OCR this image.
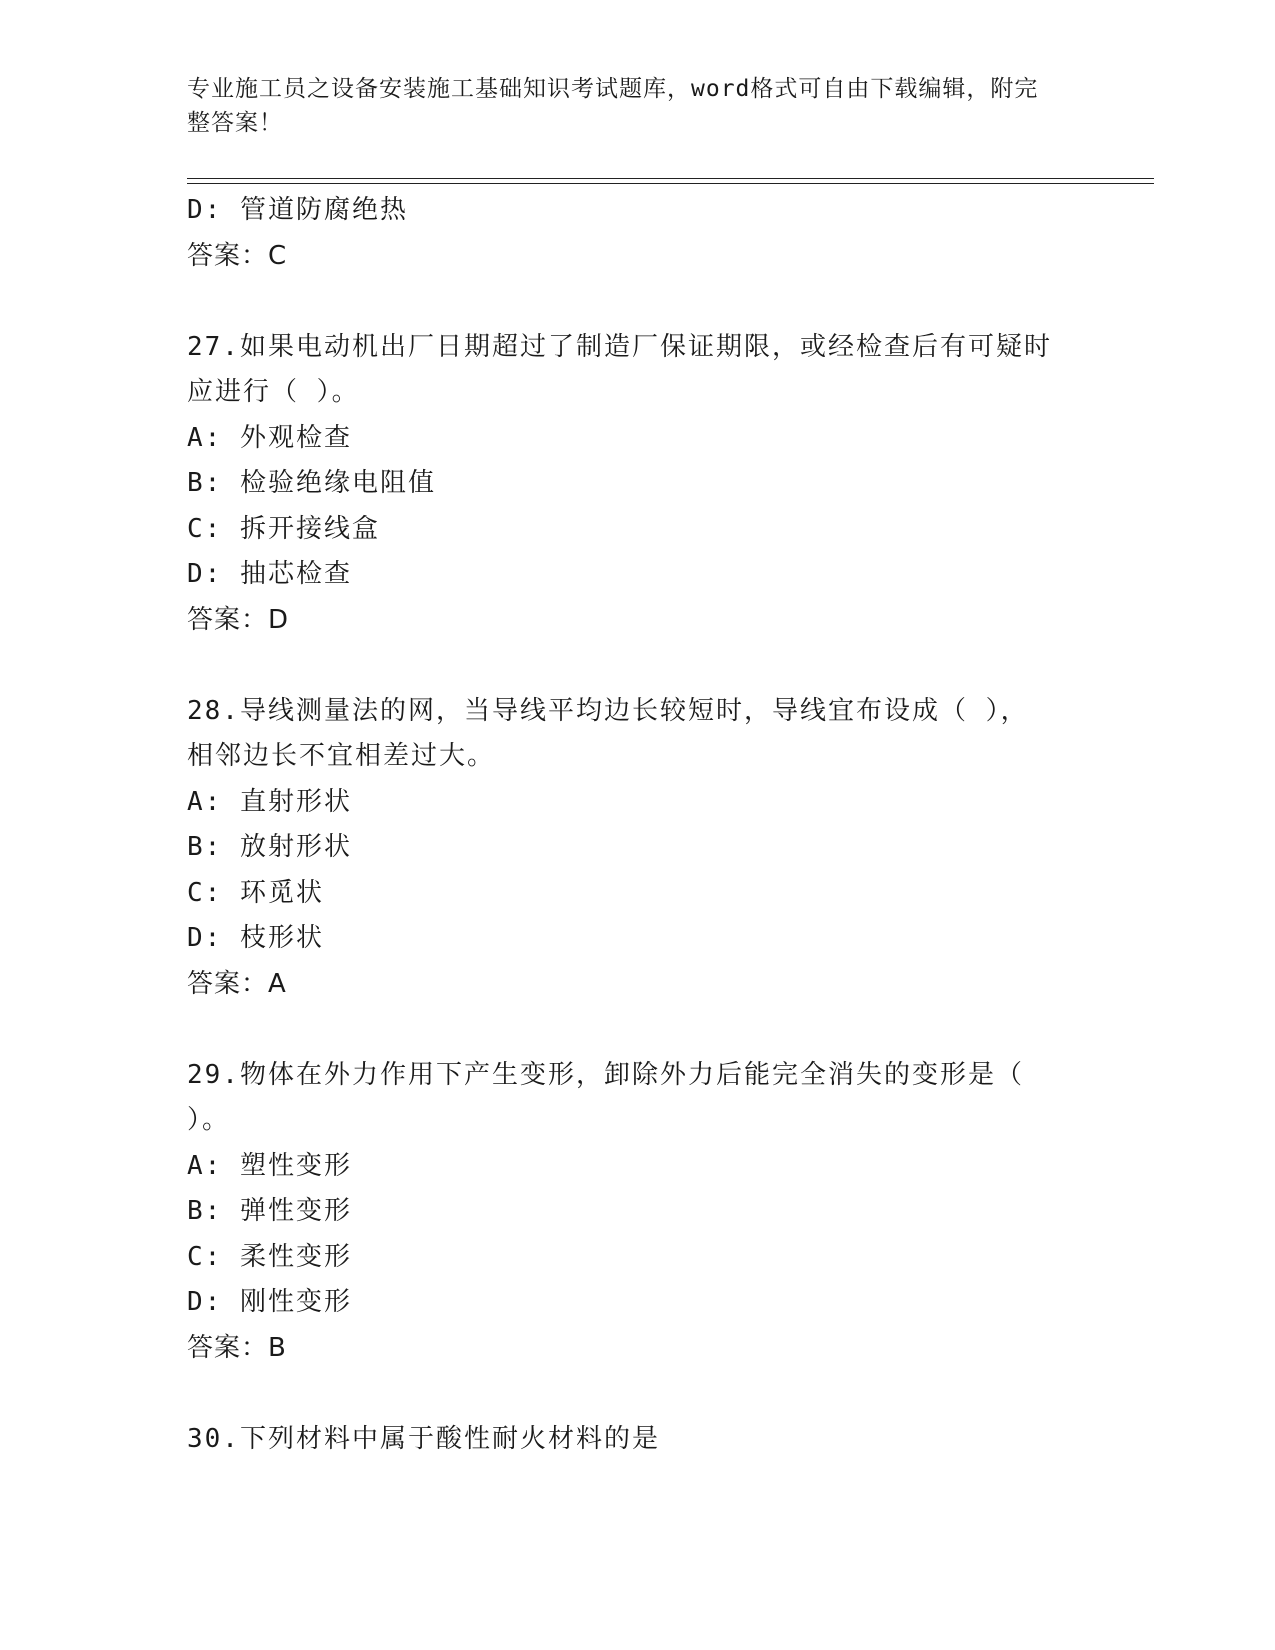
专业施工员之设备安装施工基础知识考试题库，word格式可自由下载编辑，附完
整答案！
D: 管道防腐绝热
答案：C
27.如果电动机出厂日期超过了制造厂保证期限，或经检查后有可疑时
应进行（ ）。
A: 外观检查
B: 检验绝缘电阻值
C: 拆开接线盒
D: 抽芯检查
答案：D
28.导线测量法的网，当导线平均边长较短时，导线宜布设成（ ），
相邻边长不宜相差过大。
A: 直射形状
B: 放射形状
C: 环觅状
D: 枝形状
答案：A
29.物体在外力作用下产生变形，卸除外力后能完全消失的变形是（
）。
A: 塑性变形
B: 弹性变形
C: 柔性变形
D: 刚性变形
答案：B
30.下列材料中属于酸性耐火材料的是
